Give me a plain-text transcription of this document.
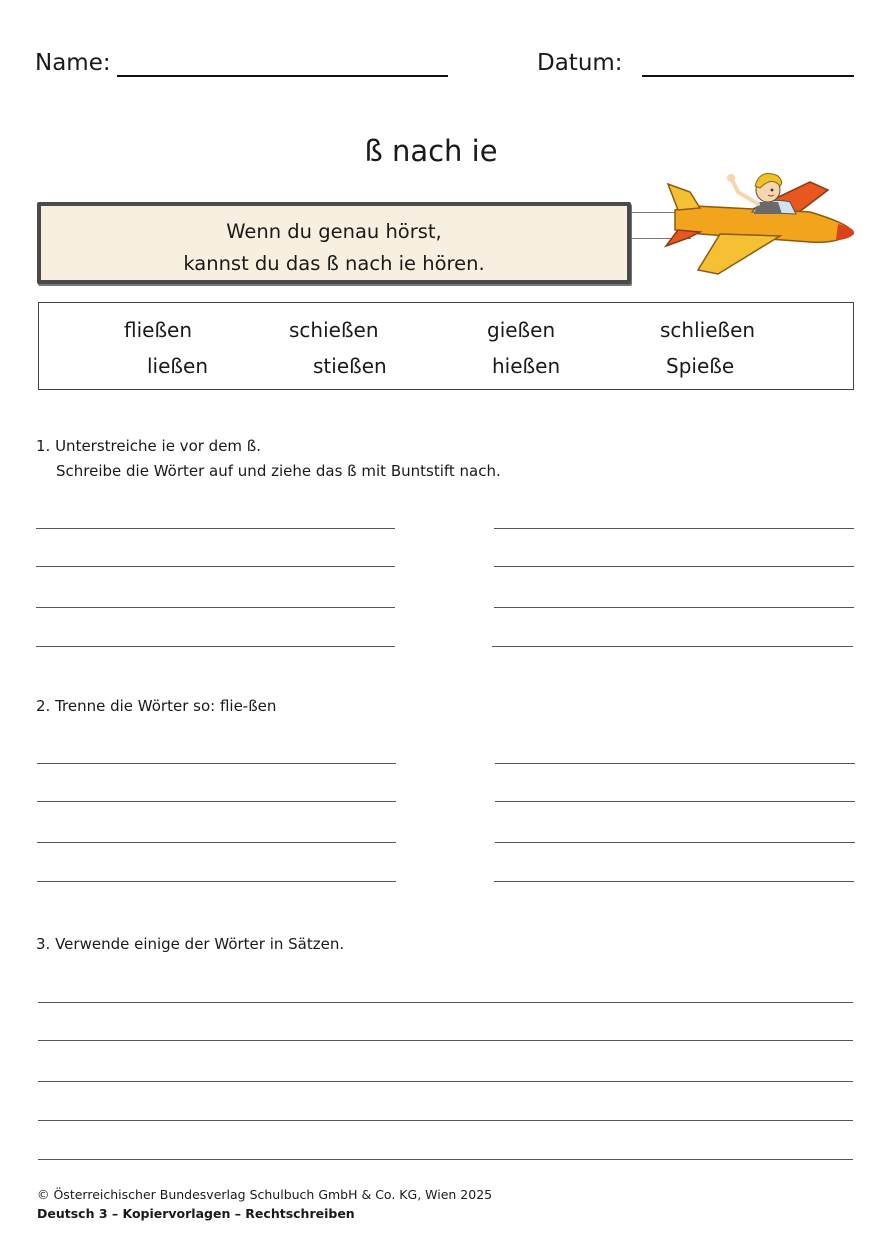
Name:	Datum:
ß nach ie
Wenn du genau hörst,
kannst du das ß nach ie hören.
fließen	schießen	gießen	schließen
ließen	stießen	hießen	Spieße
1. Unterstreiche ie vor dem ß.
Schreibe die Wörter auf und ziehe das ß mit Buntstift nach.
2. Trenne die Wörter so: flie-ßen
3. Verwende einige der Wörter in Sätzen.
© Österreichischer Bundesverlag Schulbuch GmbH & Co. KG, Wien 2025
Deutsch 3 – Kopiervorlagen – Rechtschreiben
